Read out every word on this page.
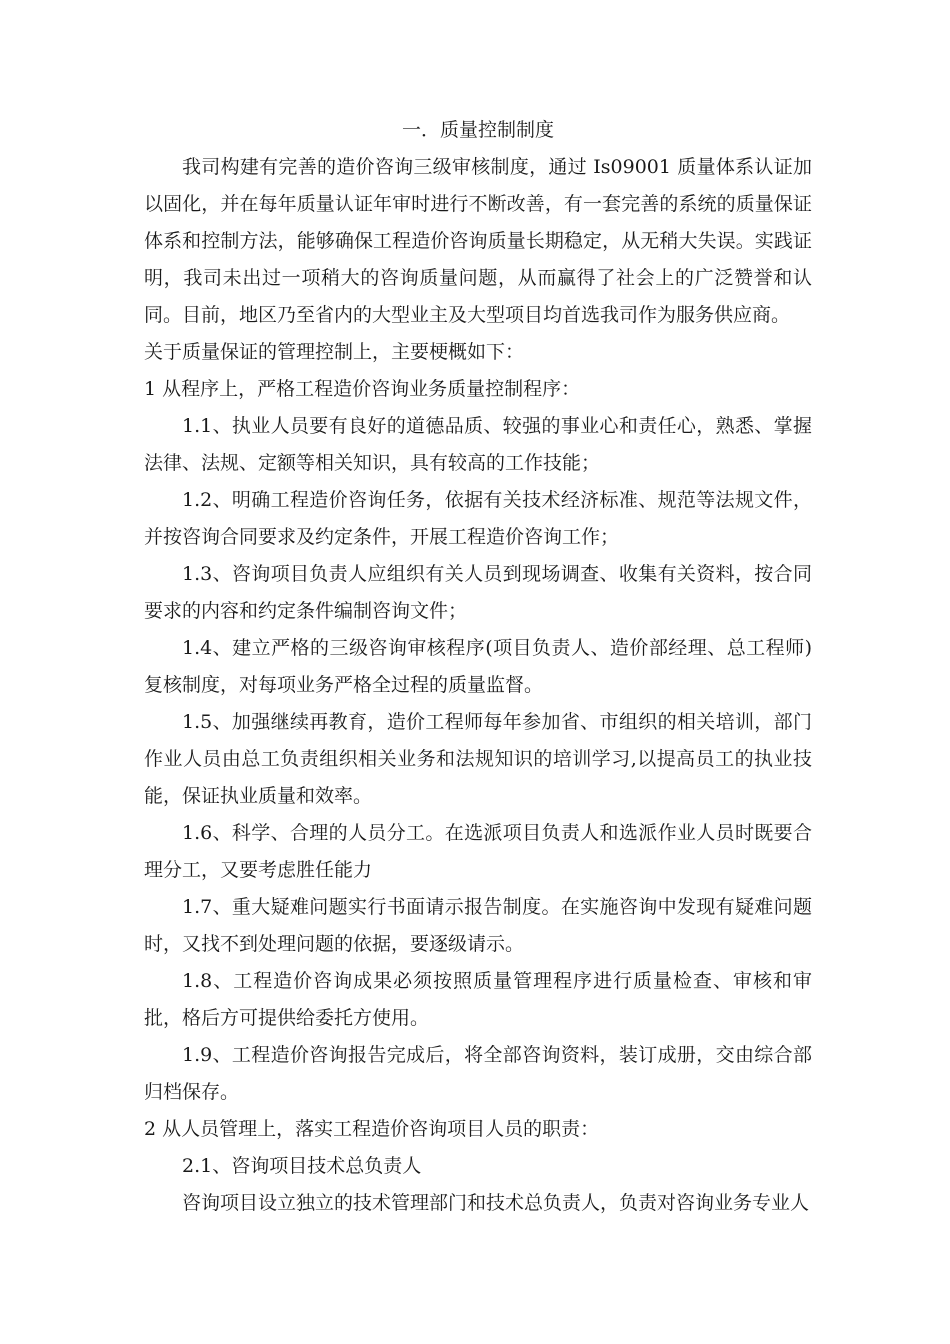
一．质量控制制度

我司构建有完善的造价咨询三级审核制度，通过 Is09001 质量体系认证加以固化，并在每年质量认证年审时进行不断改善，有一套完善的系统的质量保证体系和控制方法，能够确保工程造价咨询质量长期稳定，从无稍大失误。实践证明，我司未出过一项稍大的咨询质量问题，从而赢得了社会上的广泛赞誉和认同。目前，地区乃至省内的大型业主及大型项目均首选我司作为服务供应商。

关于质量保证的管理控制上，主要梗概如下：

1 从程序上，严格工程造价咨询业务质量控制程序：

1.1、执业人员要有良好的道德品质、较强的事业心和责任心，熟悉、掌握法律、法规、定额等相关知识，具有较高的工作技能；

1.2、明确工程造价咨询任务，依据有关技术经济标准、规范等法规文件，并按咨询合同要求及约定条件，开展工程造价咨询工作；

1.3、咨询项目负责人应组织有关人员到现场调查、收集有关资料，按合同要求的内容和约定条件编制咨询文件；

1.4、建立严格的三级咨询审核程序(项目负责人、造价部经理、总工程师)复核制度，对每项业务严格全过程的质量监督。

1.5、加强继续再教育，造价工程师每年参加省、市组织的相关培训，部门作业人员由总工负责组织相关业务和法规知识的培训学习,以提高员工的执业技能，保证执业质量和效率。

1.6、科学、合理的人员分工。在选派项目负责人和选派作业人员时既要合理分工，又要考虑胜任能力

1.7、重大疑难问题实行书面请示报告制度。在实施咨询中发现有疑难问题时，又找不到处理问题的依据，要逐级请示。

1.8、工程造价咨询成果必须按照质量管理程序进行质量检查、审核和审批，格后方可提供给委托方使用。

1.9、工程造价咨询报告完成后，将全部咨询资料，装订成册，交由综合部归档保存。

2 从人员管理上，落实工程造价咨询项目人员的职责：

2.1、咨询项目技术总负责人

咨询项目设立独立的技术管理部门和技术总负责人，负责对咨询业务专业人
